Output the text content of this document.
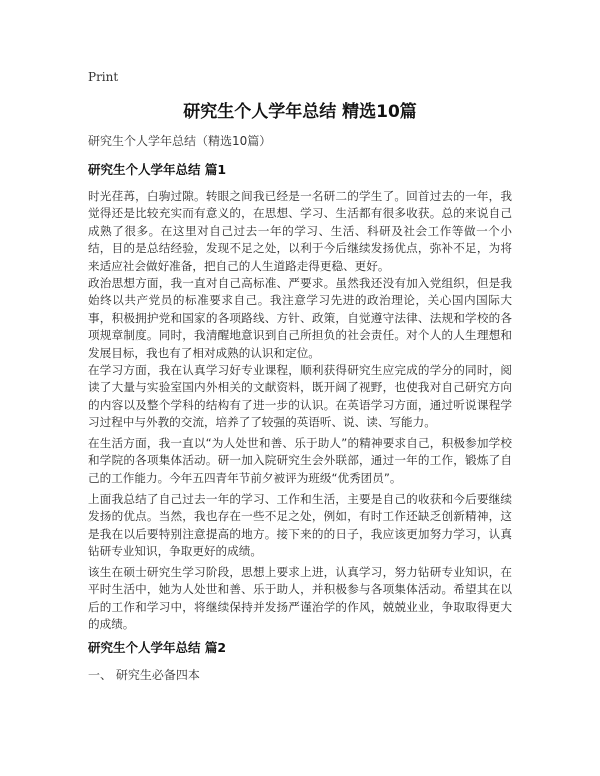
Print

研究生个人学年总结 精选10篇

研究生个人学年总结（精选10篇）

研究生个人学年总结 篇1

时光荏苒，白驹过隙。转眼之间我已经是一名研二的学生了。回首过去的一年，我觉得还是比较充实而有意义的，在思想、学习、生活都有很多收获。总的来说自己成熟了很多。在这里对自己过去一年的学习、生活、科研及社会工作等做一个小结，目的是总结经验，发现不足之处，以利于今后继续发扬优点，弥补不足，为将来适应社会做好准备，把自己的人生道路走得更稳、更好。

政治思想方面，我一直对自己高标准、严要求。虽然我还没有加入党组织，但是我始终以共产党员的标准要求自己。我注意学习先进的政治理论，关心国内国际大事，积极拥护党和国家的各项路线、方针、政策，自觉遵守法律、法规和学校的各项规章制度。同时，我清醒地意识到自己所担负的社会责任。对个人的人生理想和发展目标，我也有了相对成熟的认识和定位。

在学习方面，我在认真学习好专业课程，顺利获得研究生应完成的学分的同时，阅读了大量与实验室国内外相关的文献资料，既开阔了视野，也使我对自己研究方向的内容以及整个学科的结构有了进一步的认识。在英语学习方面，通过听说课程学习过程中与外教的交流，培养了了较强的英语听、说、读、写能力。

在生活方面，我一直以“为人处世和善、乐于助人”的精神要求自己，积极参加学校和学院的各项集体活动。研一加入院研究生会外联部，通过一年的工作，锻炼了自己的工作能力。今年五四青年节前夕被评为班级“优秀团员”。

上面我总结了自己过去一年的学习、工作和生活，主要是自己的收获和今后要继续发扬的优点。当然，我也存在一些不足之处，例如，有时工作还缺乏创新精神，这是我在以后要特别注意提高的地方。接下来的的日子，我应该更加努力学习，认真钻研专业知识，争取更好的成绩。

该生在硕士研究生学习阶段，思想上要求上进，认真学习，努力钻研专业知识，在平时生活中，她为人处世和善、乐于助人，并积极参与各项集体活动。希望其在以后的工作和学习中，将继续保持并发扬严谨治学的作风，兢兢业业，争取取得更大的成绩。

研究生个人学年总结 篇2

一、 研究生必备四本
